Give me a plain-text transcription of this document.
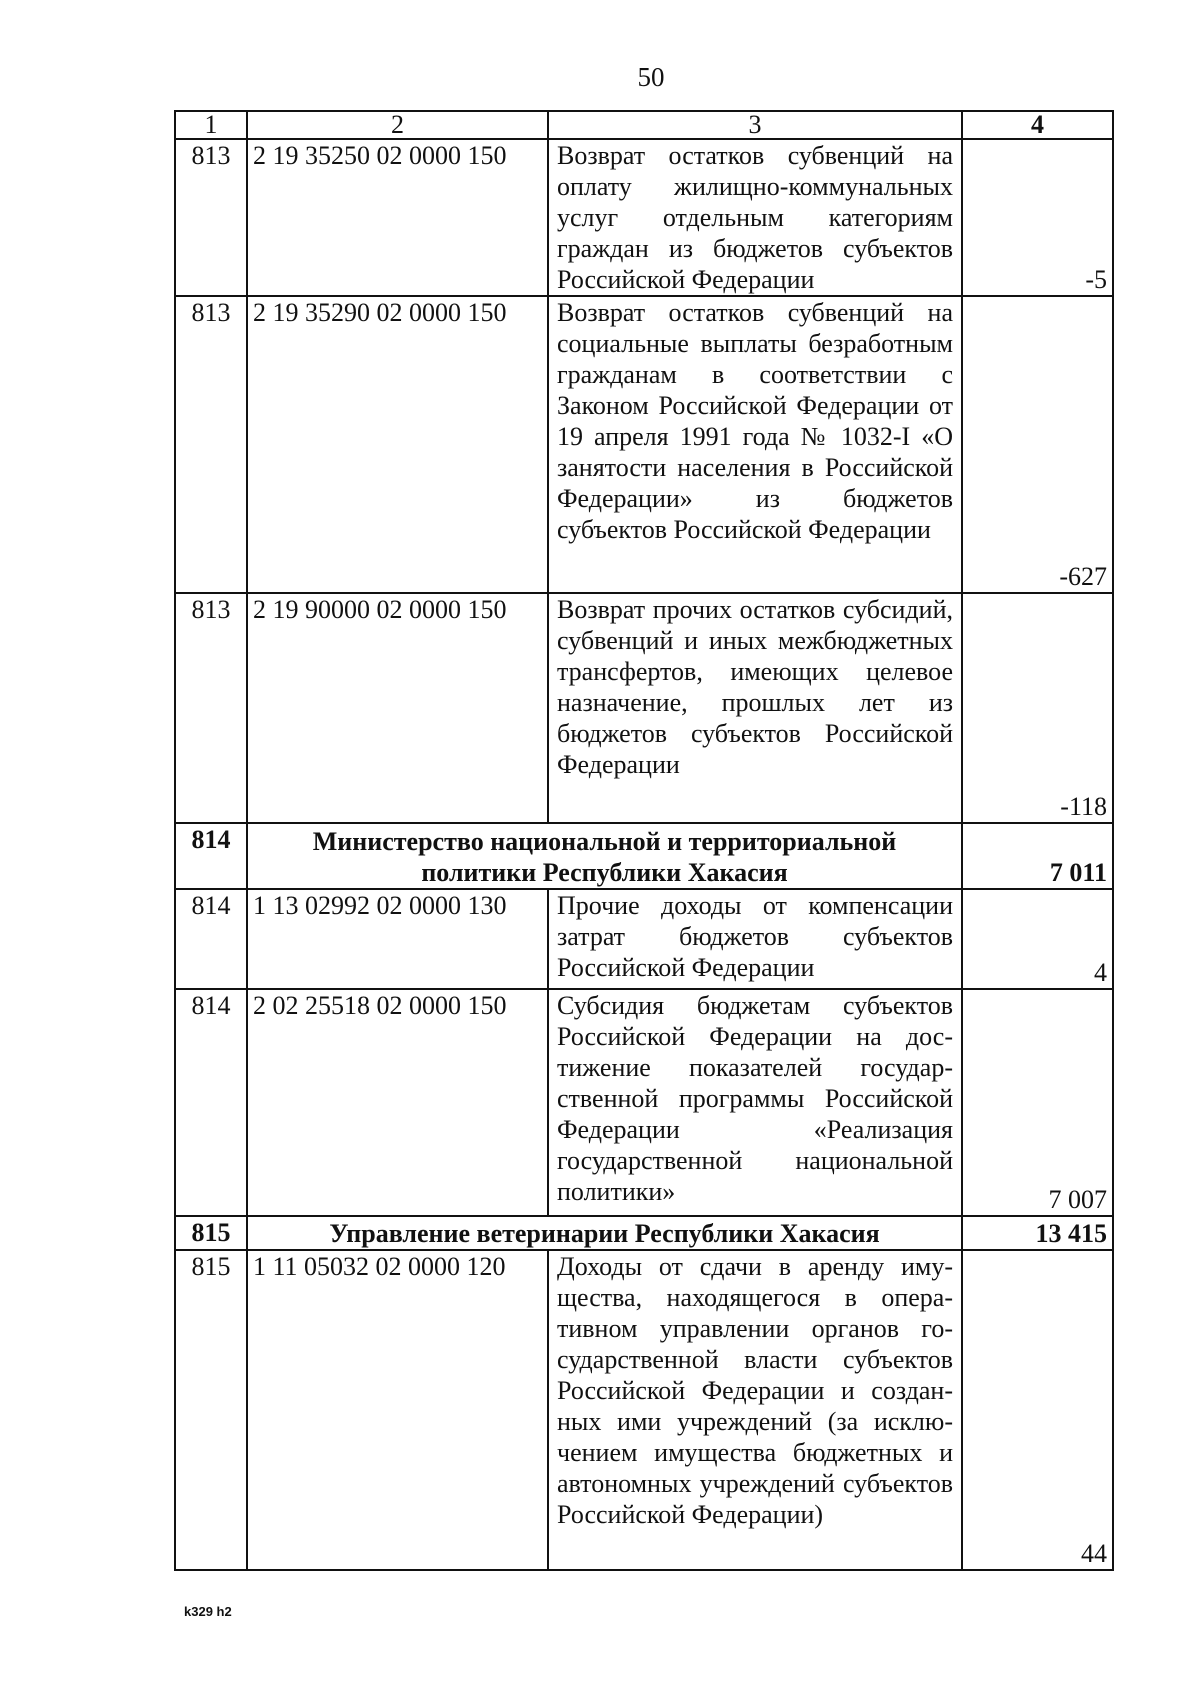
50
1	2	3	4
813	2 19 35250 02 0000 150	Возврат остатков субвенций на оплату жилищно-коммунальных услуг отдельным категориям граждан из бюджетов субъектов Российской Федерации	-5
813	2 19 35290 02 0000 150	Возврат остатков субвенций на социальные выплаты безработным гражданам в соответствии с Законом Российской Федерации от 19 апреля 1991 года № 1032-I «О занятости населения в Российской Федерации» из бюджетов субъектов Российской Федерации	-627
813	2 19 90000 02 0000 150	Возврат прочих остатков субсидий, субвенций и иных межбюджетных трансфертов, имеющих целевое назначение, прошлых лет из бюджетов субъектов Российской Федерации	-118
814	Министерство национальной и территориальной политики Республики Хакасия		7 011
814	1 13 02992 02 0000 130	Прочие доходы от компенсации затрат бюджетов субъектов Российской Федерации	4
814	2 02 25518 02 0000 150	Субсидия бюджетам субъектов Российской Федерации на достижение показателей государственной программы Российской Федерации «Реализация государственной национальной политики»	7 007
815	Управление ветеринарии Республики Хакасия		13 415
815	1 11 05032 02 0000 120	Доходы от сдачи в аренду имущества, находящегося в оперативном управлении органов государственной власти субъектов Российской Федерации и созданных ими учреждений (за исключением имущества бюджетных и автономных учреждений субъектов Российской Федерации)	44
k329 h2
